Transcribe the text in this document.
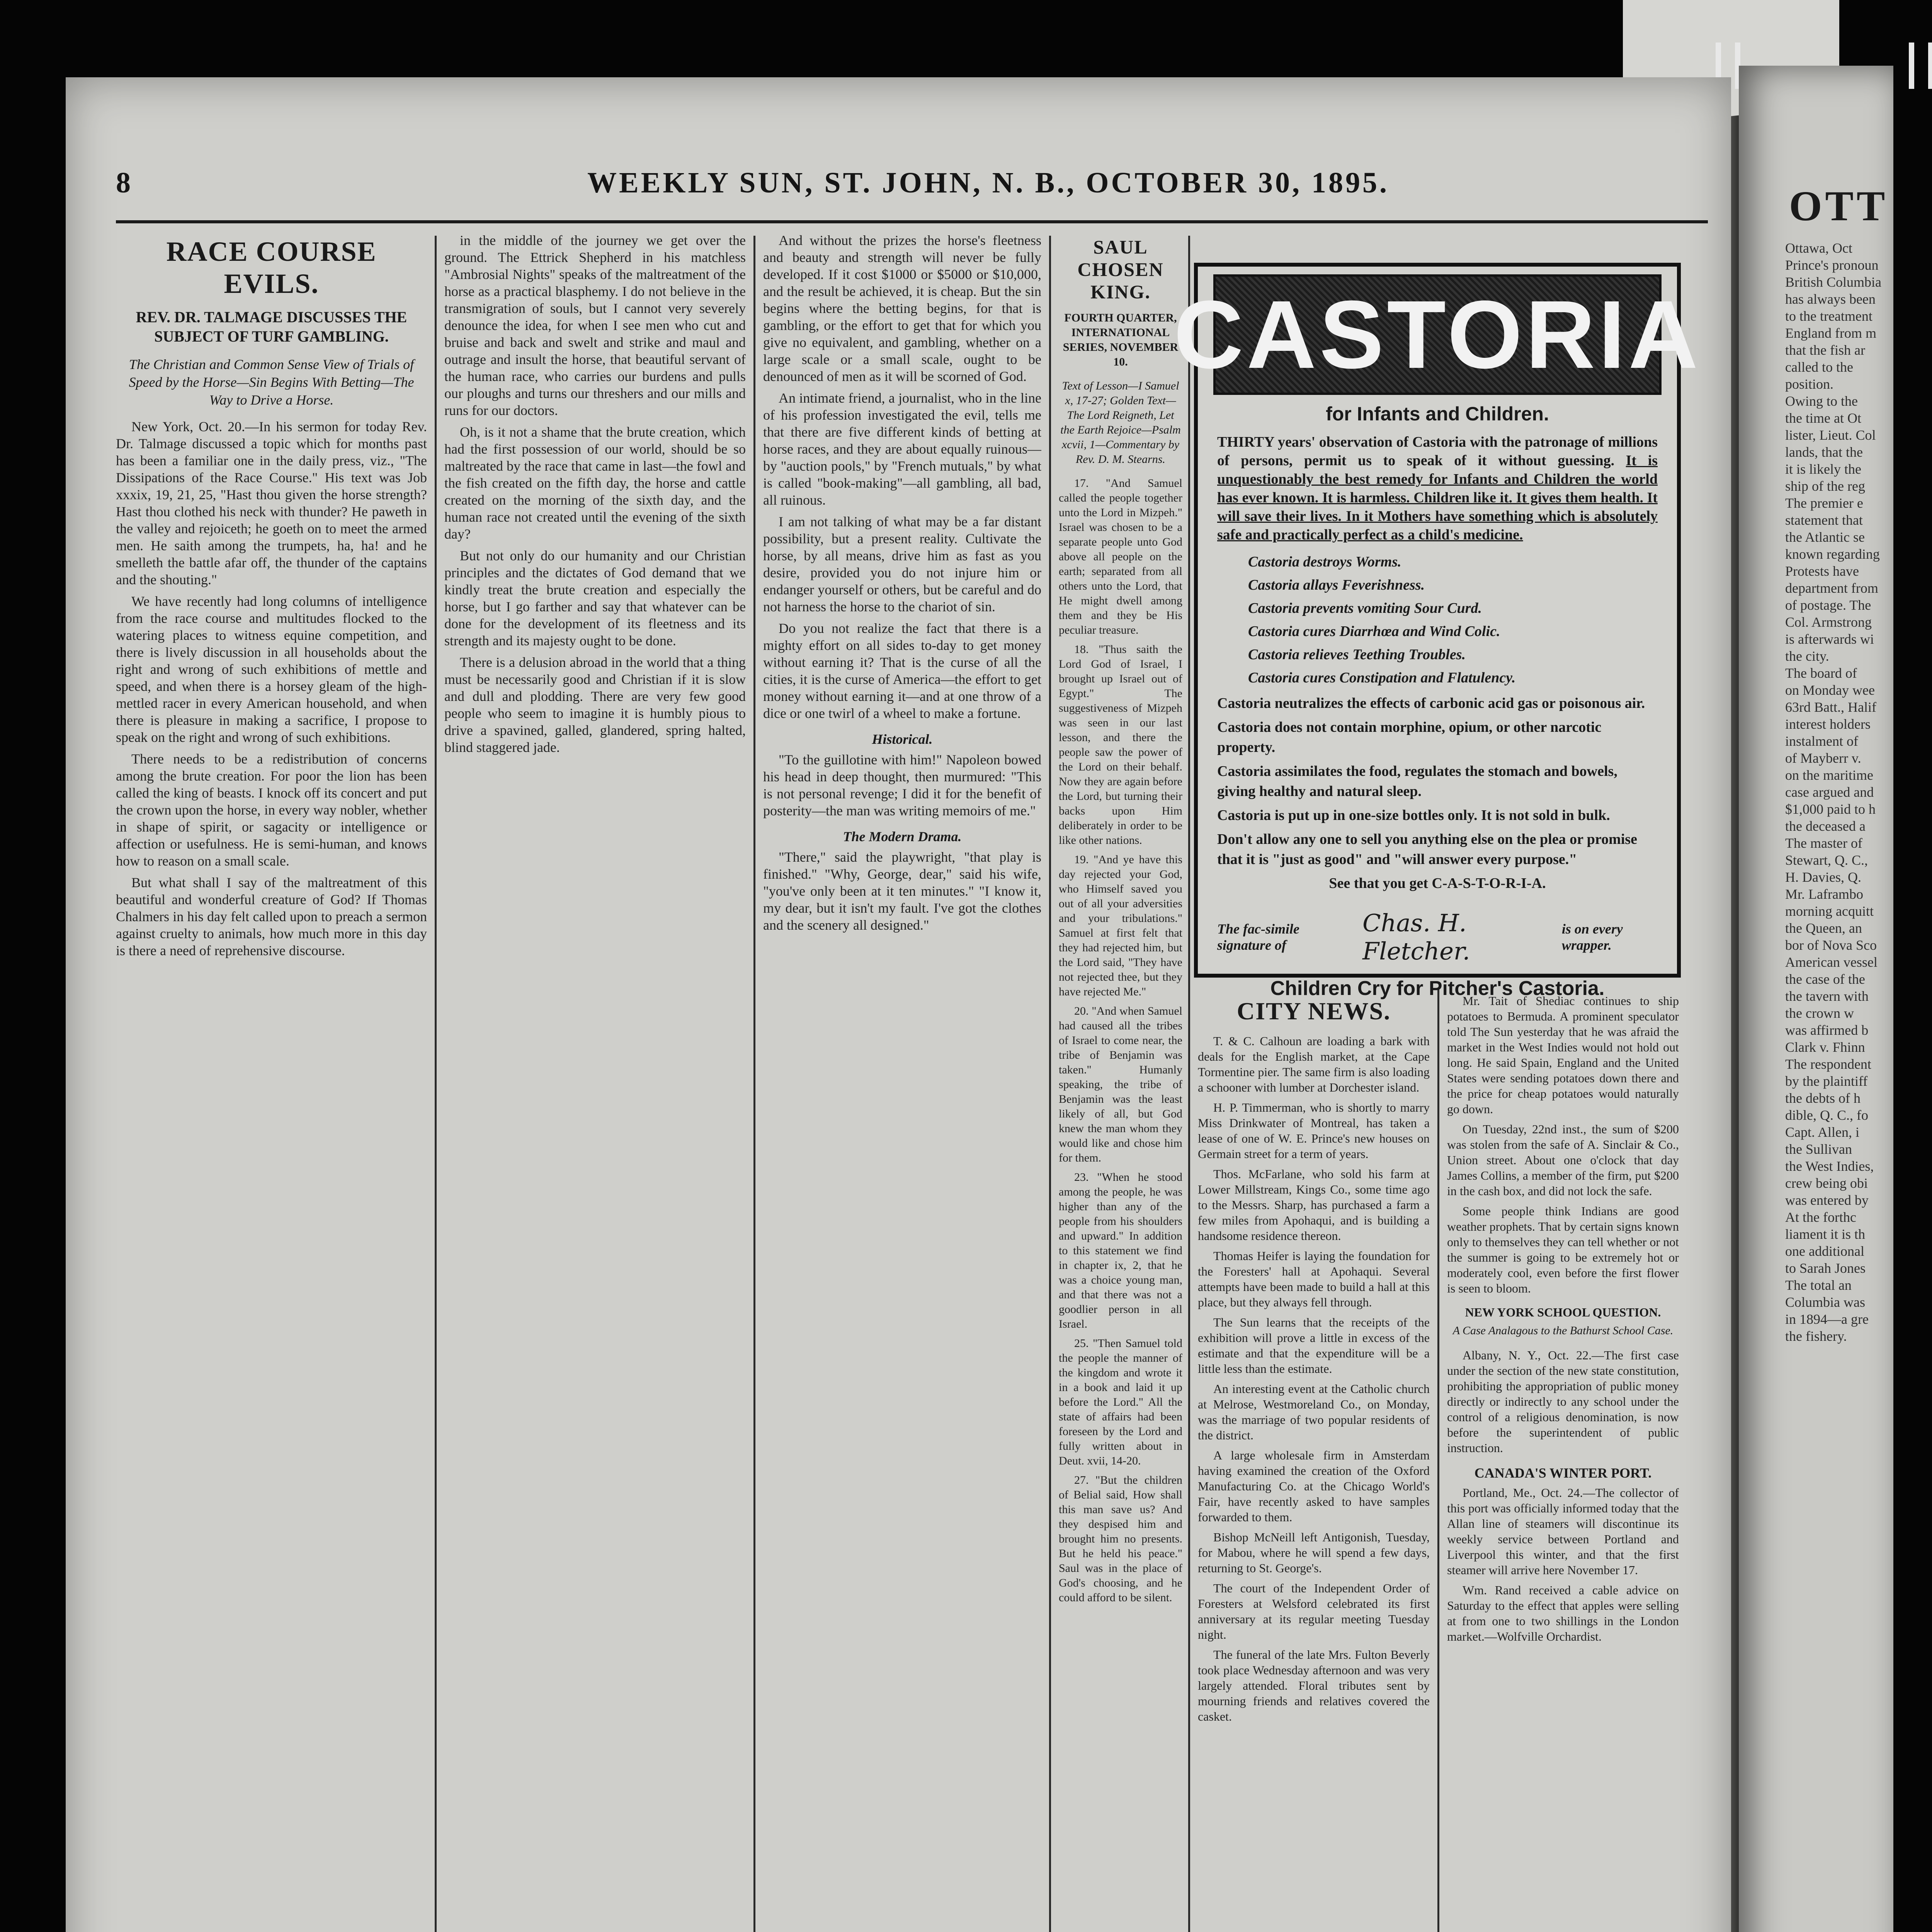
OTT
Ottawa, Oct
Prince's pronoun
British Columbia
has always been
to the treatment
England from m
that the fish ar
called to the
position.
Owing to the
the time at Ot
lister, Lieut. Col
lands, that the
it is likely the
ship of the reg
The premier e
statement that
the Atlantic se
known regarding
Protests have
department from
of postage. The
Col. Armstrong
is afterwards wi
the city.
The board of
on Monday wee
63rd Batt., Halif
interest holders
instalment of
of Mayberr v.
on the maritime
case argued and
$1,000 paid to h
the deceased a
The master of
Stewart, Q. C.,
H. Davies, Q.
Mr. Laframbo
morning acquitt
the Queen, an
bor of Nova Sco
American vessel
the case of the
the tavern with
the crown w
was affirmed b
Clark v. Fhinn
The respondent
by the plaintiff
the debts of h
dible, Q. C., fo
Capt. Allen, i
the Sullivan
the West Indies,
crew being obi
was entered by
At the forthc
liament it is th
one additional
to Sarah Jones
The total an
Columbia was
in 1894—a gre
the fishery.
8	WEEKLY SUN, ST. JOHN, N. B., OCTOBER 30, 1895.
RACE COURSE EVILS.
REV. DR. TALMAGE DISCUSSES THE SUBJECT OF TURF GAMBLING.
The Christian and Common Sense View of Trials of Speed by the Horse—Sin Begins With Betting—The Way to Drive a Horse.

New York, Oct. 20.—In his sermon for today Rev. Dr. Talmage discussed a topic which for months past has been a familiar one in the daily press, viz., "The Dissipations of the Race Course." His text was Job xxxix, 19, 21, 25, "Hast thou given the horse strength? Hast thou clothed his neck with thunder? He paweth in the valley and rejoiceth; he goeth on to meet the armed men. He saith among the trumpets, ha, ha! and he smelleth the battle afar off, the thunder of the captains and the shouting."

We have recently had long columns of intelligence from the race course and multitudes flocked to the watering places to witness equine competition, and there is lively discussion in all households about the right and wrong of such exhibitions of mettle and speed, and when there is a horsey gleam of the high-mettled racer in every American household, and when there is pleasure in making a sacrifice, I propose to speak on the right and wrong of such exhibitions.

There needs to be a redistribution of concerns among the brute creation. For poor the lion has been called the king of beasts. I knock off its concert and put the crown upon the horse, in every way nobler, whether in shape of spirit, or sagacity or intelligence or affection or usefulness. He is semi-human, and knows how to reason on a small scale.

But what shall I say of the maltreatment of this beautiful and wonderful creature of God? If Thomas Chalmers in his day felt called upon to preach a sermon against cruelty to animals, how much more in this day is there a need of reprehensive discourse.

in the middle of the journey we get over the ground. The Ettrick Shepherd in his matchless "Ambrosial Nights" speaks of the maltreatment of the horse as a practical blasphemy. I do not believe in the transmigration of souls, but I cannot very severely denounce the idea, for when I see men who cut and bruise and back and swelt and strike and maul and outrage and insult the horse, that beautiful servant of the human race, who carries our burdens and pulls our ploughs and turns our threshers and our mills and runs for our doctors.

Oh, is it not a shame that the brute creation, which had the first possession of our world, should be so maltreated by the race that came in last—the fowl and the fish created on the fifth day, the horse and cattle created on the morning of the sixth day, and the human race not created until the evening of the sixth day?

But not only do our humanity and our Christian principles and the dictates of God demand that we kindly treat the brute creation and especially the horse, but I go farther and say that whatever can be done for the development of its fleetness and its strength and its majesty ought to be done.

There is a delusion abroad in the world that a thing must be necessarily good and Christian if it is slow and dull and plodding. There are very few good people who seem to imagine it is humbly pious to drive a spavined, galled, glandered, spring halted, blind staggered jade.

And without the prizes the horse's fleetness and beauty and strength will never be fully developed. If it cost $1000 or $5000 or $10,000, and the result be achieved, it is cheap. But the sin begins where the betting begins, for that is gambling, or the effort to get that for which you give no equivalent, and gambling, whether on a large scale or a small scale, ought to be denounced of men as it will be scorned of God.

An intimate friend, a journalist, who in the line of his profession investigated the evil, tells me that there are five different kinds of betting at horse races, and they are about equally ruinous—by "auction pools," by "French mutuals," by what is called "book-making"—all gambling, all bad, all ruinous.

I am not talking of what may be a far distant possibility, but a present reality. Cultivate the horse, by all means, drive him as fast as you desire, provided you do not injure him or endanger yourself or others, but be careful and do not harness the horse to the chariot of sin.

Do you not realize the fact that there is a mighty effort on all sides to-day to get money without earning it? That is the curse of all the cities, it is the curse of America—the effort to get money without earning it—and at one throw of a dice or one twirl of a wheel to make a fortune.

Historical.

"To the guillotine with him!" Napoleon bowed his head in deep thought, then murmured: "This is not personal revenge; I did it for the benefit of posterity—the man was writing memoirs of me."

The Modern Drama.

"There," said the playwright, "that play is finished." "Why, George, dear," said his wife, "you've only been at it ten minutes." "I know it, my dear, but it isn't my fault. I've got the clothes and the scenery all designed."

SAUL CHOSEN KING.
FOURTH QUARTER, INTERNATIONAL SERIES, NOVEMBER 10.
Text of Lesson—I Samuel x, 17-27; Golden Text—The Lord Reigneth, Let the Earth Rejoice—Psalm xcvii, 1—Commentary by Rev. D. M. Stearns.

17. "And Samuel called the people together unto the Lord in Mizpeh." Israel was chosen to be a separate people unto God above all people on the earth; separated from all others unto the Lord, that He might dwell among them and they be His peculiar treasure.

18. "Thus saith the Lord God of Israel, I brought up Israel out of Egypt." The suggestiveness of Mizpeh was seen in our last lesson, and there the people saw the power of the Lord on their behalf. Now they are again before the Lord, but turning their backs upon Him deliberately in order to be like other nations.

19. "And ye have this day rejected your God, who Himself saved you out of all your adversities and your tribulations." Samuel at first felt that they had rejected him, but the Lord said, "They have not rejected thee, but they have rejected Me."

20. "And when Samuel had caused all the tribes of Israel to come near, the tribe of Benjamin was taken." Humanly speaking, the tribe of Benjamin was the least likely of all, but God knew the man whom they would like and chose him for them.

23. "When he stood among the people, he was higher than any of the people from his shoulders and upward." In addition to this statement we find in chapter ix, 2, that he was a choice young man, and that there was not a goodlier person in all Israel.

25. "Then Samuel told the people the manner of the kingdom and wrote it in a book and laid it up before the Lord." All the state of affairs had been foreseen by the Lord and fully written about in Deut. xvii, 14-20.

27. "But the children of Belial said, How shall this man save us? And they despised him and brought him no presents. But he held his peace." Saul was in the place of God's choosing, and he could afford to be silent.

CASTORIA
for Infants and Children.

THIRTY years' observation of Castoria with the patronage of millions of persons, permit us to speak of it without guessing. It is unquestionably the best remedy for Infants and Children the world has ever known. It is harmless. Children like it. It gives them health. It will save their lives. In it Mothers have something which is absolutely safe and practically perfect as a child's medicine.

Castoria destroys Worms.
Castoria allays Feverishness.
Castoria prevents vomiting Sour Curd.
Castoria cures Diarrhœa and Wind Colic.
Castoria relieves Teething Troubles.
Castoria cures Constipation and Flatulency.
Castoria neutralizes the effects of carbonic acid gas or poisonous air.
Castoria does not contain morphine, opium, or other narcotic property.
Castoria assimilates the food, regulates the stomach and bowels, giving healthy and natural sleep.
Castoria is put up in one-size bottles only. It is not sold in bulk.
Don't allow any one to sell you anything else on the plea or promise that it is "just as good" and "will answer every purpose."
See that you get C-A-S-T-O-R-I-A.
The fac-simile signature of
Chas. H. Fletcher.
is on every wrapper.
Children Cry for Pitcher's Castoria.
CITY NEWS.

T. & C. Calhoun are loading a bark with deals for the English market, at the Cape Tormentine pier. The same firm is also loading a schooner with lumber at Dorchester island.

H. P. Timmerman, who is shortly to marry Miss Drinkwater of Montreal, has taken a lease of one of W. E. Prince's new houses on Germain street for a term of years.

Thos. McFarlane, who sold his farm at Lower Millstream, Kings Co., some time ago to the Messrs. Sharp, has purchased a farm a few miles from Apohaqui, and is building a handsome residence thereon.

Thomas Heifer is laying the foundation for the Foresters' hall at Apohaqui. Several attempts have been made to build a hall at this place, but they always fell through.

The Sun learns that the receipts of the exhibition will prove a little in excess of the estimate and that the expenditure will be a little less than the estimate.

An interesting event at the Catholic church at Melrose, Westmoreland Co., on Monday, was the marriage of two popular residents of the district.

A large wholesale firm in Amsterdam having examined the creation of the Oxford Manufacturing Co. at the Chicago World's Fair, have recently asked to have samples forwarded to them.

Bishop McNeill left Antigonish, Tuesday, for Mabou, where he will spend a few days, returning to St. George's.

The court of the Independent Order of Foresters at Welsford celebrated its first anniversary at its regular meeting Tuesday night.

The funeral of the late Mrs. Fulton Beverly took place Wednesday afternoon and was very largely attended. Floral tributes sent by mourning friends and relatives covered the casket.

Mr. Tait of Shediac continues to ship potatoes to Bermuda. A prominent speculator told The Sun yesterday that he was afraid the market in the West Indies would not hold out long. He said Spain, England and the United States were sending potatoes down there and the price for cheap potatoes would naturally go down.

On Tuesday, 22nd inst., the sum of $200 was stolen from the safe of A. Sinclair & Co., Union street. About one o'clock that day James Collins, a member of the firm, put $200 in the cash box, and did not lock the safe.

Some people think Indians are good weather prophets. That by certain signs known only to themselves they can tell whether or not the summer is going to be extremely hot or moderately cool, even before the first flower is seen to bloom.

NEW YORK SCHOOL QUESTION.
A Case Analagous to the Bathurst School Case.

Albany, N. Y., Oct. 22.—The first case under the section of the new state constitution, prohibiting the appropriation of public money directly or indirectly to any school under the control of a religious denomination, is now before the superintendent of public instruction.

CANADA'S WINTER PORT.

Portland, Me., Oct. 24.—The collector of this port was officially informed today that the Allan line of steamers will discontinue its weekly service between Portland and Liverpool this winter, and that the first steamer will arrive here November 17.

Wm. Rand received a cable advice on Saturday to the effect that apples were selling at from one to two shillings in the London market.—Wolfville Orchardist.
